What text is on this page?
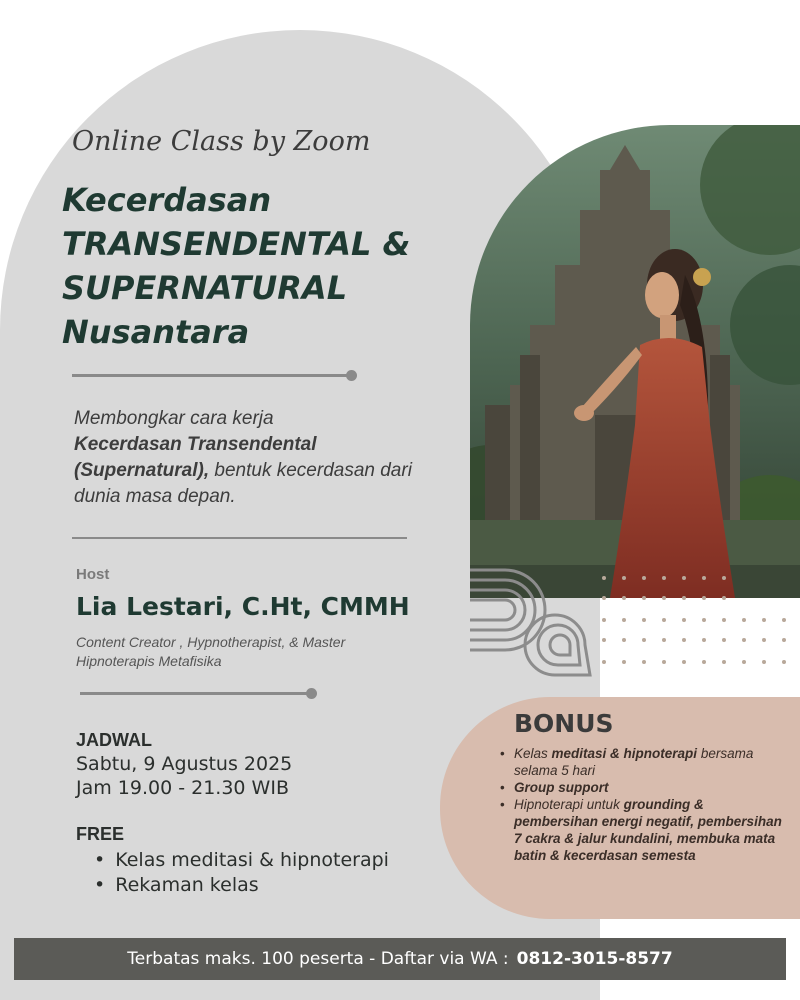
Online Class by Zoom
Kecerdasan
TRANSENDENTAL &
SUPERNATURAL
Nusantara
Membongkar cara kerja
Kecerdasan Transendental (Supernatural), bentuk kecerdasan dari dunia masa depan.
Host
Lia Lestari, C.Ht, CMMH
Content Creator , Hypnotherapist, & Master Hipnoterapis Metafisika
JADWAL
Sabtu, 9 Agustus 2025
Jam 19.00 - 21.30 WIB
FREE
• Kelas meditasi & hipnoterapi
• Rekaman kelas
BONUS
• Kelas meditasi & hipnoterapi bersama selama 5 hari
• Group support
• Hipnoterapi untuk grounding & pembersihan energi negatif, pembersihan 7 cakra & jalur kundalini, membuka mata batin & kecerdasan semesta
Terbatas maks. 100 peserta - Daftar via WA : 0812-3015-8577
